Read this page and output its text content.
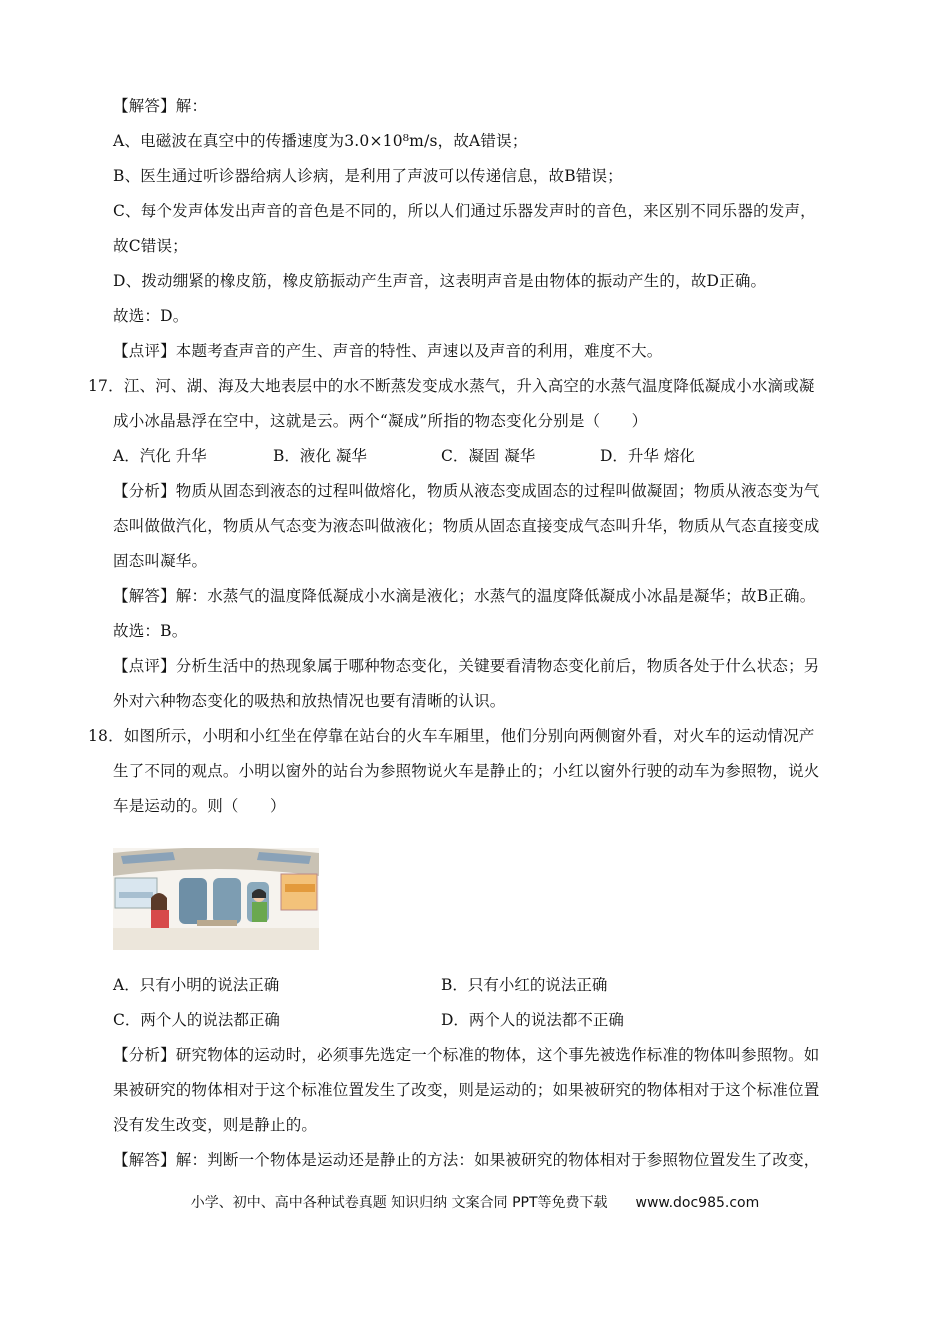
【解答】解：
A、电磁波在真空中的传播速度为3.0×10⁸m/s，故A错误；
B、医生通过听诊器给病人诊病，是利用了声波可以传递信息，故B错误；
C、每个发声体发出声音的音色是不同的，所以人们通过乐器发声时的音色，来区别不同乐器的发声，
故C错误；
D、拨动绷紧的橡皮筋，橡皮筋振动产生声音，这表明声音是由物体的振动产生的，故D正确。
故选：D。
【点评】本题考查声音的产生、声音的特性、声速以及声音的利用，难度不大。
17．江、河、湖、海及大地表层中的水不断蒸发变成水蒸气，升入高空的水蒸气温度降低凝成小水滴或凝
成小冰晶悬浮在空中，这就是云。两个“凝成”所指的物态变化分别是（　　）
A．汽化 升华	B．液化 凝华	C．凝固 凝华	D．升华 熔化
【分析】物质从固态到液态的过程叫做熔化，物质从液态变成固态的过程叫做凝固；物质从液态变为气
态叫做做汽化，物质从气态变为液态叫做液化；物质从固态直接变成气态叫升华，物质从气态直接变成
固态叫凝华。
【解答】解：水蒸气的温度降低凝成小水滴是液化；水蒸气的温度降低凝成小冰晶是凝华；故B正确。
故选：B。
【点评】分析生活中的热现象属于哪种物态变化，关键要看清物态变化前后，物质各处于什么状态；另
外对六种物态变化的吸热和放热情况也要有清晰的认识。
18．如图所示，小明和小红坐在停靠在站台的火车车厢里，他们分别向两侧窗外看，对火车的运动情况产
生了不同的观点。小明以窗外的站台为参照物说火车是静止的；小红以窗外行驶的动车为参照物，说火
车是运动的。则（　　）
A．只有小明的说法正确	B．只有小红的说法正确
C．两个人的说法都正确	D．两个人的说法都不正确
【分析】研究物体的运动时，必须事先选定一个标准的物体，这个事先被选作标准的物体叫参照物。如
果被研究的物体相对于这个标准位置发生了改变，则是运动的；如果被研究的物体相对于这个标准位置
没有发生改变，则是静止的。
【解答】解：判断一个物体是运动还是静止的方法：如果被研究的物体相对于参照物位置发生了改变，
小学、初中、高中各种试卷真题 知识归纳 文案合同 PPT等免费下载　　www.doc985.com
